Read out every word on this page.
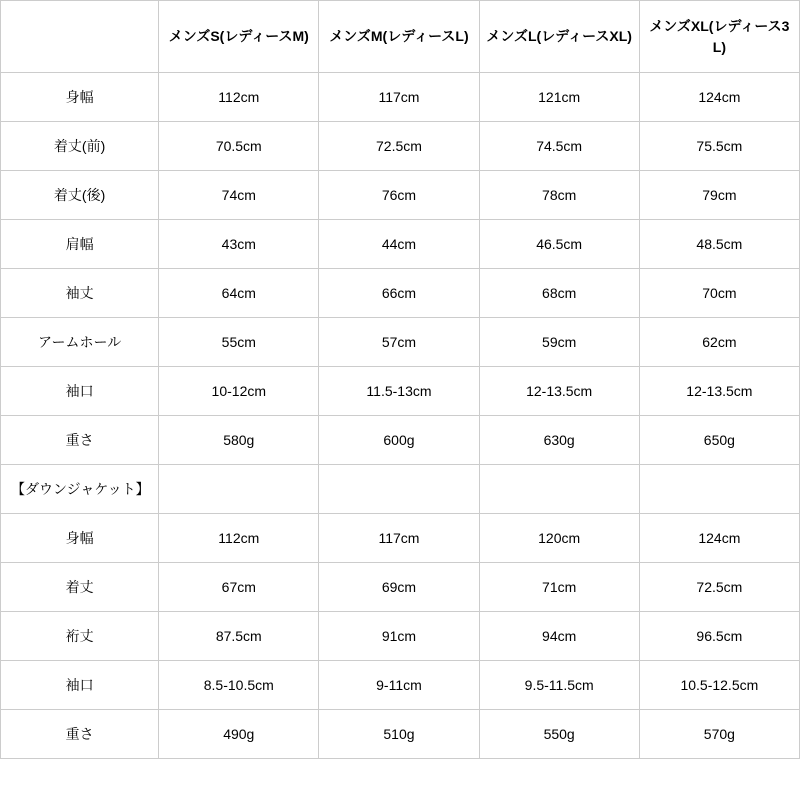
	メンズS(レディースM)	メンズM(レディースL)	メンズL(レディースXL)	メンズXL(レディース3L)
身幅	112cm	117cm	121cm	124cm
着丈(前)	70.5cm	72.5cm	74.5cm	75.5cm
着丈(後)	74cm	76cm	78cm	79cm
肩幅	43cm	44cm	46.5cm	48.5cm
袖丈	64cm	66cm	68cm	70cm
アームホール	55cm	57cm	59cm	62cm
袖口	10-12cm	11.5-13cm	12-13.5cm	12-13.5cm
重さ	580g	600g	630g	650g
【ダウンジャケット】				
身幅	112cm	117cm	120cm	124cm
着丈	67cm	69cm	71cm	72.5cm
裄丈	87.5cm	91cm	94cm	96.5cm
袖口	8.5-10.5cm	9-11cm	9.5-11.5cm	10.5-12.5cm
重さ	490g	510g	550g	570g
